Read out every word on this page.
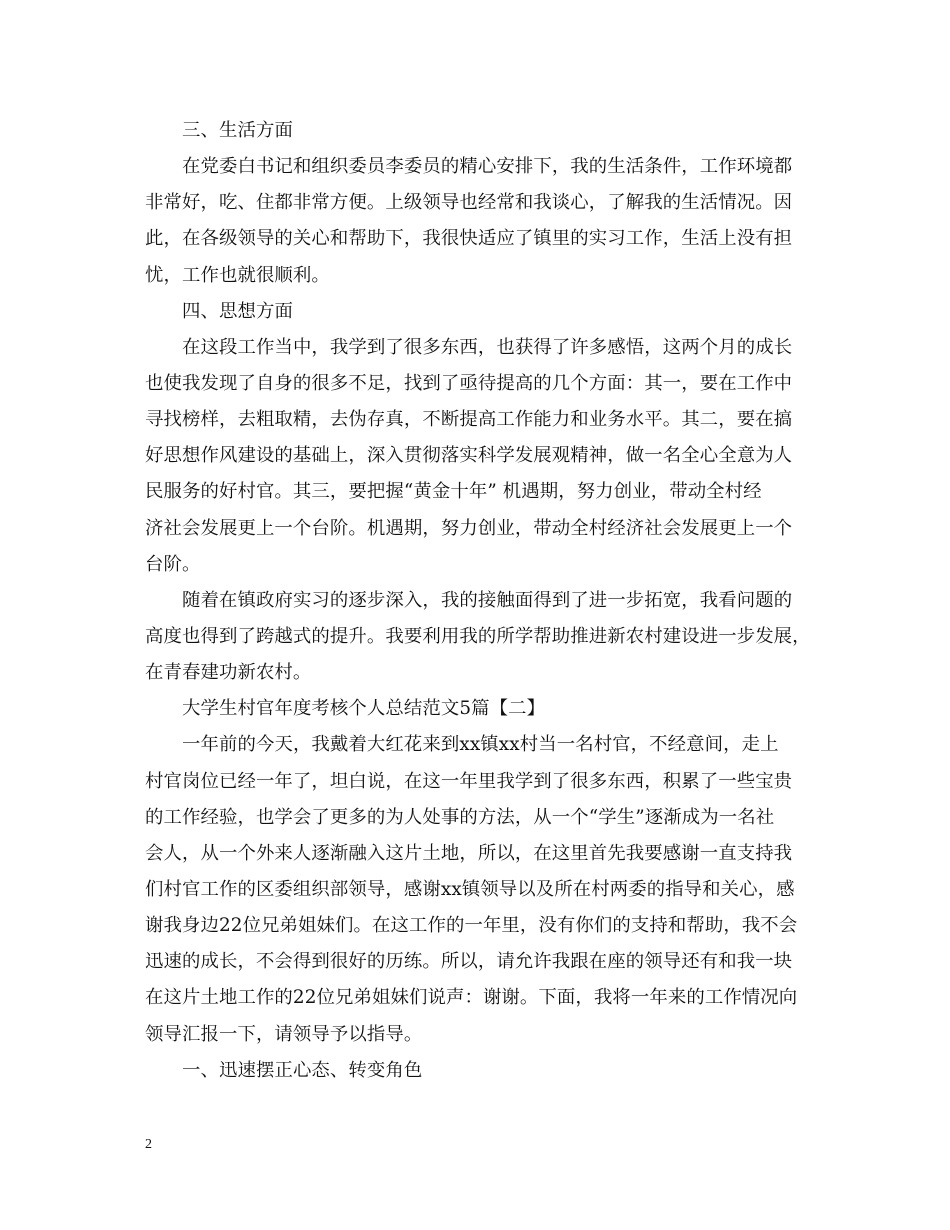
三、生活方面
在党委白书记和组织委员李委员的精心安排下，我的生活条件，工作环境都
非常好，吃、住都非常方便。上级领导也经常和我谈心，了解我的生活情况。因
此，在各级领导的关心和帮助下，我很快适应了镇里的实习工作，生活上没有担
忧，工作也就很顺利。
四、思想方面
在这段工作当中，我学到了很多东西，也获得了许多感悟，这两个月的成长
也使我发现了自身的很多不足，找到了亟待提高的几个方面：其一，要在工作中
寻找榜样，去粗取精，去伪存真，不断提高工作能力和业务水平。其二，要在搞
好思想作风建设的基础上，深入贯彻落实科学发展观精神，做一名全心全意为人
民服务的好村官。其三，要把握“黄金十年” 机遇期，努力创业，带动全村经
济社会发展更上一个台阶。机遇期，努力创业，带动全村经济社会发展更上一个
台阶。
随着在镇政府实习的逐步深入，我的接触面得到了进一步拓宽，我看问题的
高度也得到了跨越式的提升。我要利用我的所学帮助推进新农村建设进一步发展，
在青春建功新农村。
大学生村官年度考核个人总结范文5篇【二】
一年前的今天，我戴着大红花来到xx镇xx村当一名村官，不经意间，走上
村官岗位已经一年了，坦白说，在这一年里我学到了很多东西，积累了一些宝贵
的工作经验，也学会了更多的为人处事的方法，从一个“学生”逐渐成为一名社
会人，从一个外来人逐渐融入这片土地，所以，在这里首先我要感谢一直支持我
们村官工作的区委组织部领导，感谢xx镇领导以及所在村两委的指导和关心，感
谢我身边22位兄弟姐妹们。在这工作的一年里，没有你们的支持和帮助，我不会
迅速的成长，不会得到很好的历练。所以，请允许我跟在座的领导还有和我一块
在这片土地工作的22位兄弟姐妹们说声：谢谢。下面，我将一年来的工作情况向
领导汇报一下，请领导予以指导。
一、迅速摆正心态、转变角色
2
